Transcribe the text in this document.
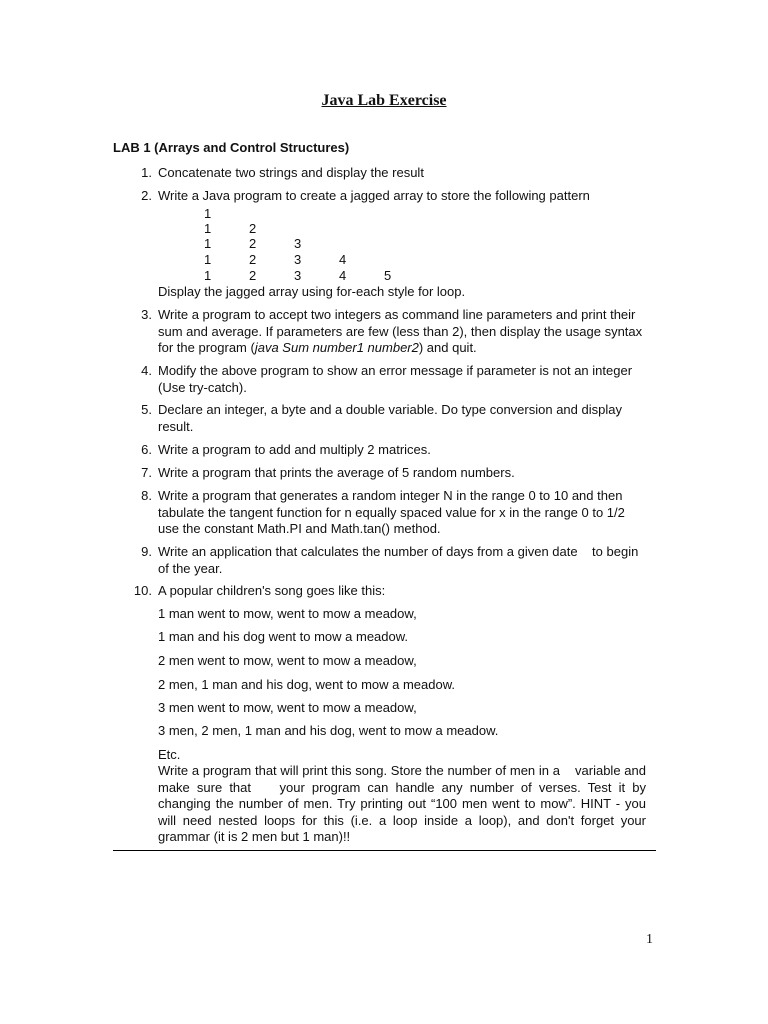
Java Lab Exercise
LAB 1 (Arrays and Control Structures)
1. Concatenate two strings and display the result

2. Write a Java program to create a jagged array to store the following pattern

1
1	2
1	2	3
1	2	3	4
1	2	3	4	5
Display the jagged array using for-each style for loop.
3. Write a program to accept two integers as command line parameters and print their sum and average. If parameters are few (less than 2), then display the usage syntax for the program (java Sum number1 number2) and quit.

4. Modify the above program to show an error message if parameter is not an integer (Use try-catch).

5. Declare an integer, a byte and a double variable. Do type conversion and display result.

6. Write a program to add and multiply 2 matrices.

7. Write a program that prints the average of 5 random numbers.

8. Write a program that generates a random integer N in the range 0 to 10 and then tabulate the tangent function for n equally spaced value for x in the range 0 to 1/2    use the constant Math.PI and Math.tan() method.

9. Write an application that calculates the number of days from a given date    to begin of the year.

10. A popular children's song goes like this:

1 man went to mow, went to mow a meadow,
1 man and his dog went to mow a meadow.
2 men went to mow, went to mow a meadow,
2 men, 1 man and his dog, went to mow a meadow.
3 men went to mow, went to mow a meadow,
3 men, 2 men, 1 man and his dog, went to mow a meadow.
Etc.
Write a program that will print this song. Store the number of men in a    variable and make sure that    your program can handle any number of verses. Test it by changing the number of men. Try printing out “100 men went to mow”. HINT - you will need nested loops for this (i.e. a loop inside a loop), and don't forget your grammar (it is 2 men but 1 man)!!
1
